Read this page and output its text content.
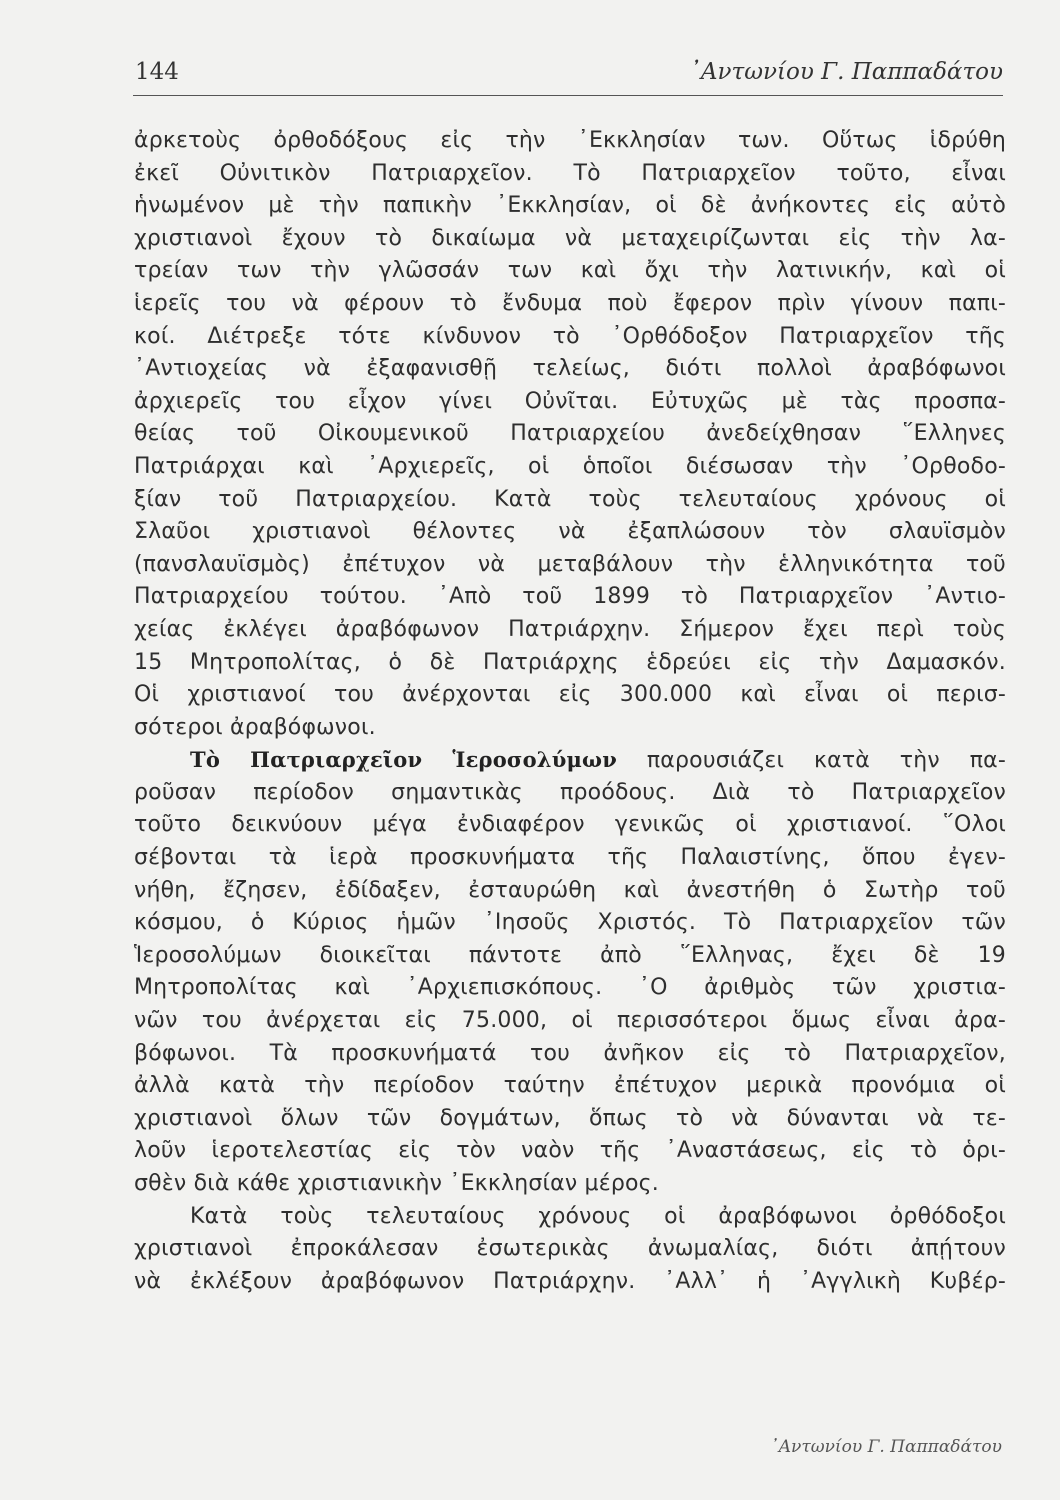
144	᾿Αντωνίου Γ. Παππαδάτου
ἀρκετοὺς ὀρθοδόξους εἰς τὴν ᾿Εκκλησίαν των. Οὕτως ἱδρύθη
ἐκεῖ Οὐνιτικὸν Πατριαρχεῖον. Τὸ Πατριαρχεῖον τοῦτο, εἶναι
ἡνωμένον μὲ τὴν παπικὴν ᾿Εκκλησίαν, οἱ δὲ ἀνήκοντες εἰς αὐτὸ
χριστιανοὶ ἔχουν τὸ δικαίωμα νὰ μεταχειρίζωνται εἰς τὴν λα-
τρείαν των τὴν γλῶσσάν των καὶ ὄχι τὴν λατινικήν, καὶ οἱ
ἱερεῖς του νὰ φέρουν τὸ ἔνδυμα ποὺ ἔφερον πρὶν γίνουν παπι-
κοί. Διέτρεξε τότε κίνδυνον τὸ ᾿Ορθόδοξον Πατριαρχεῖον τῆς
᾿Αντιοχείας νὰ ἐξαφανισθῇ τελείως, διότι πολλοὶ ἀραβόφωνοι
ἀρχιερεῖς του εἶχον γίνει Οὐνῖται. Εὐτυχῶς μὲ τὰς προσπα-
θείας τοῦ Οἰκουμενικοῦ Πατριαρχείου ἀνεδείχθησαν ῞Ελληνες
Πατριάρχαι καὶ ᾿Αρχιερεῖς, οἱ ὁποῖοι διέσωσαν τὴν ᾿Ορθοδο-
ξίαν τοῦ Πατριαρχείου. Κατὰ τοὺς τελευταίους χρόνους οἱ
Σλαῦοι χριστιανοὶ θέλοντες νὰ ἐξαπλώσουν τὸν σλαυϊσμὸν
(πανσλαυϊσμὸς) ἐπέτυχον νὰ μεταβάλουν τὴν ἑλληνικότητα τοῦ
Πατριαρχείου τούτου. ᾿Απὸ τοῦ 1899 τὸ Πατριαρχεῖον ᾿Αντιο-
χείας ἐκλέγει ἀραβόφωνον Πατριάρχην. Σήμερον ἔχει περὶ τοὺς
15 Μητροπολίτας, ὁ δὲ Πατριάρχης ἑδρεύει εἰς τὴν Δαμασκόν.
Οἱ χριστιανοί του ἀνέρχονται εἰς 300.000 καὶ εἶναι οἱ περισ-
σότεροι ἀραβόφωνοι.
Τὸ Πατριαρχεῖον Ἱεροσολύμων παρουσιάζει κατὰ τὴν πα-
ροῦσαν περίοδον σημαντικὰς προόδους. Διὰ τὸ Πατριαρχεῖον
τοῦτο δεικνύουν μέγα ἐνδιαφέρον γενικῶς οἱ χριστιανοί. ῞Ολοι
σέβονται τὰ ἱερὰ προσκυνήματα τῆς Παλαιστίνης, ὅπου ἐγεν-
νήθη, ἔζησεν, ἐδίδαξεν, ἐσταυρώθη καὶ ἀνεστήθη ὁ Σωτὴρ τοῦ
κόσμου, ὁ Κύριος ἡμῶν ᾿Ιησοῦς Χριστός. Τὸ Πατριαρχεῖον τῶν
Ἱεροσολύμων διοικεῖται πάντοτε ἀπὸ ῞Ελληνας, ἔχει δὲ 19
Μητροπολίτας καὶ ᾿Αρχιεπισκόπους. ᾿Ο ἀριθμὸς τῶν χριστια-
νῶν του ἀνέρχεται εἰς 75.000, οἱ περισσότεροι ὅμως εἶναι ἀρα-
βόφωνοι. Τὰ προσκυνήματά του ἀνῆκον εἰς τὸ Πατριαρχεῖον,
ἀλλὰ κατὰ τὴν περίοδον ταύτην ἐπέτυχον μερικὰ προνόμια οἱ
χριστιανοὶ ὅλων τῶν δογμάτων, ὅπως τὸ νὰ δύνανται νὰ τε-
λοῦν ἱεροτελεστίας εἰς τὸν ναὸν τῆς ᾿Αναστάσεως, εἰς τὸ ὁρι-
σθὲν διὰ κάθε χριστιανικὴν ᾿Εκκλησίαν μέρος.
Κατὰ τοὺς τελευταίους χρόνους οἱ ἀραβόφωνοι ὀρθόδοξοι
χριστιανοὶ ἐπροκάλεσαν ἐσωτερικὰς ἀνωμαλίας, διότι ἀπῄτουν
νὰ ἐκλέξουν ἀραβόφωνον Πατριάρχην. ᾿Αλλ᾿ ἡ ᾿Αγγλικὴ Κυβέρ-
᾿Αντωνίου Γ. Παππαδάτου
